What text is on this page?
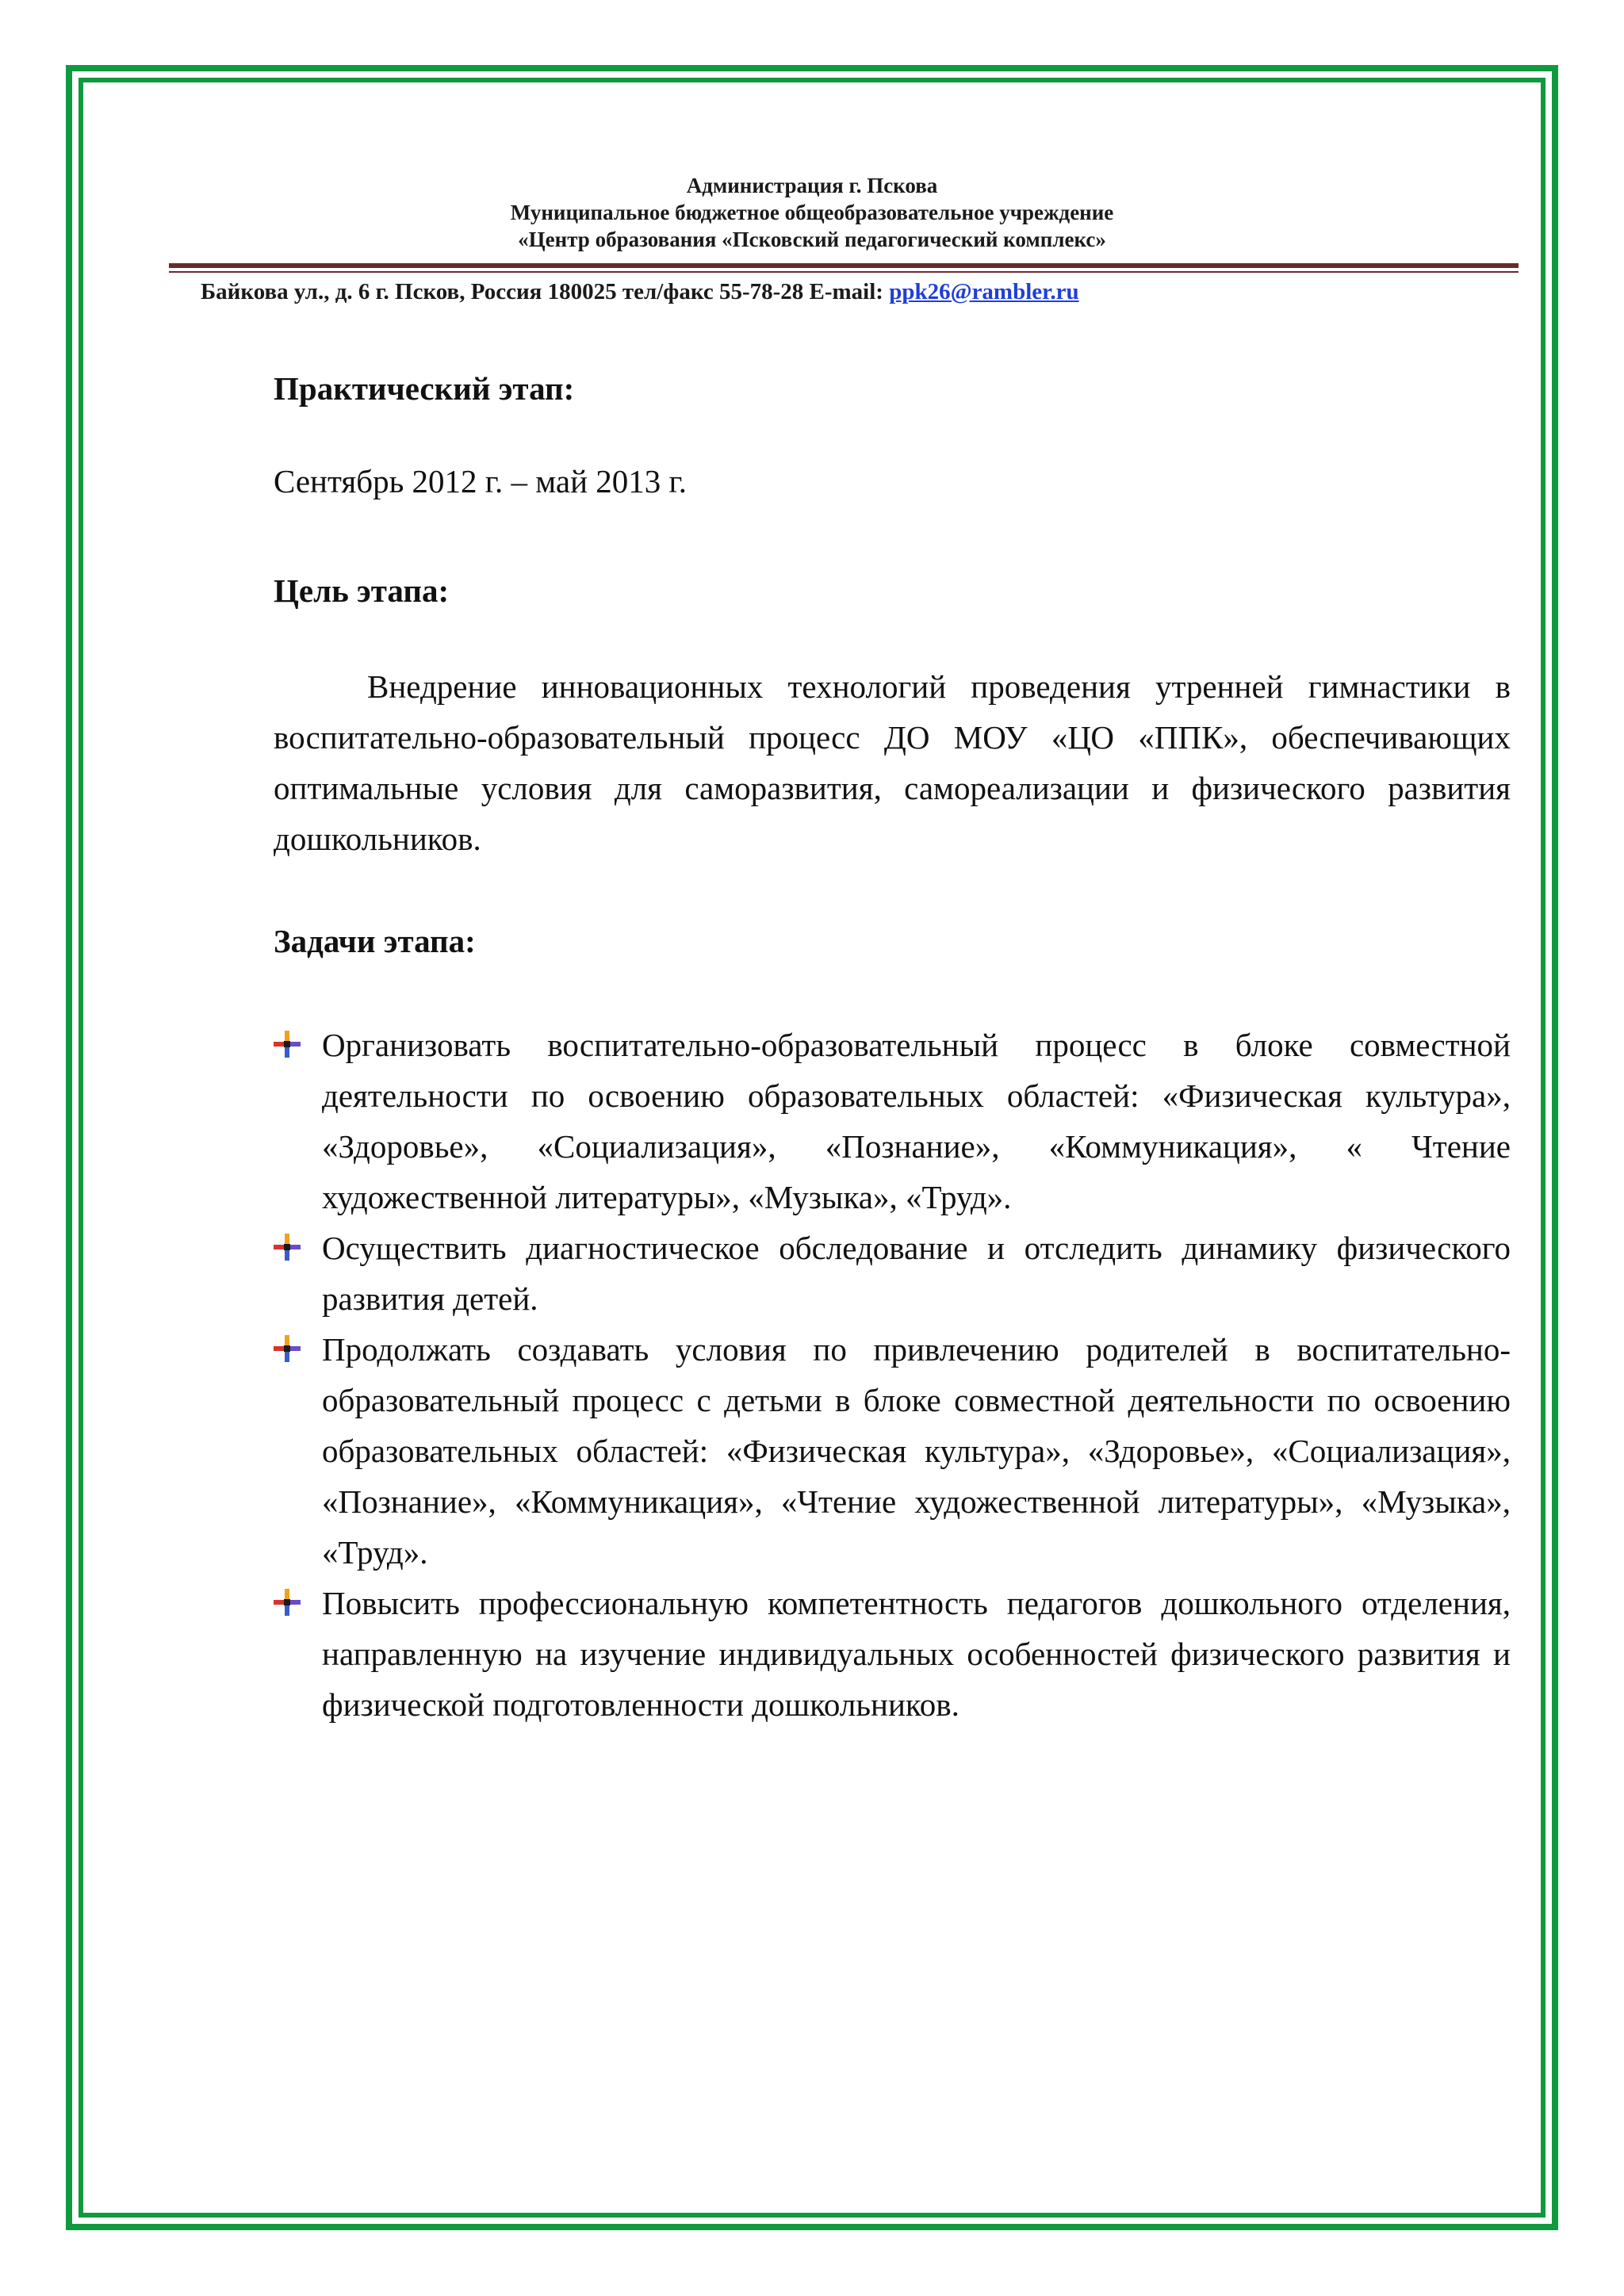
Администрация г. Пскова
Муниципальное бюджетное общеобразовательное учреждение
«Центр образования «Псковский педагогический комплекс»
Байкова ул., д. 6 г. Псков, Россия 180025 тел/факс 55-78-28 E-mail: ppk26@rambler.ru
Практический этап:

Сентябрь 2012 г. – май 2013 г.

Цель этапа:

Внедрение инновационных технологий проведения утренней гимнастики в воспитательно-образовательный процесс ДО МОУ «ЦО «ППК», обеспечивающих оптимальные условия для саморазвития, самореализации и физического развития дошкольников.

Задачи этапа:
Организовать воспитательно-образовательный процесс в блоке совместной деятельности по освоению образовательных областей: «Физическая культура», «Здоровье», «Социализация», «Познание», «Коммуникация», « Чтение художественной литературы», «Музыка», «Труд».
Осуществить диагностическое обследование и отследить динамику физического развития детей.
Продолжать создавать условия по привлечению родителей в воспитательно-образовательный процесс с детьми в блоке совместной деятельности по освоению образовательных областей: «Физическая культура», «Здоровье», «Социализация», «Познание», «Коммуникация», «Чтение художественной литературы», «Музыка», «Труд».
Повысить профессиональную компетентность педагогов дошкольного отделения, направленную на изучение индивидуальных особенностей физического развития и физической подготовленности дошкольников.
